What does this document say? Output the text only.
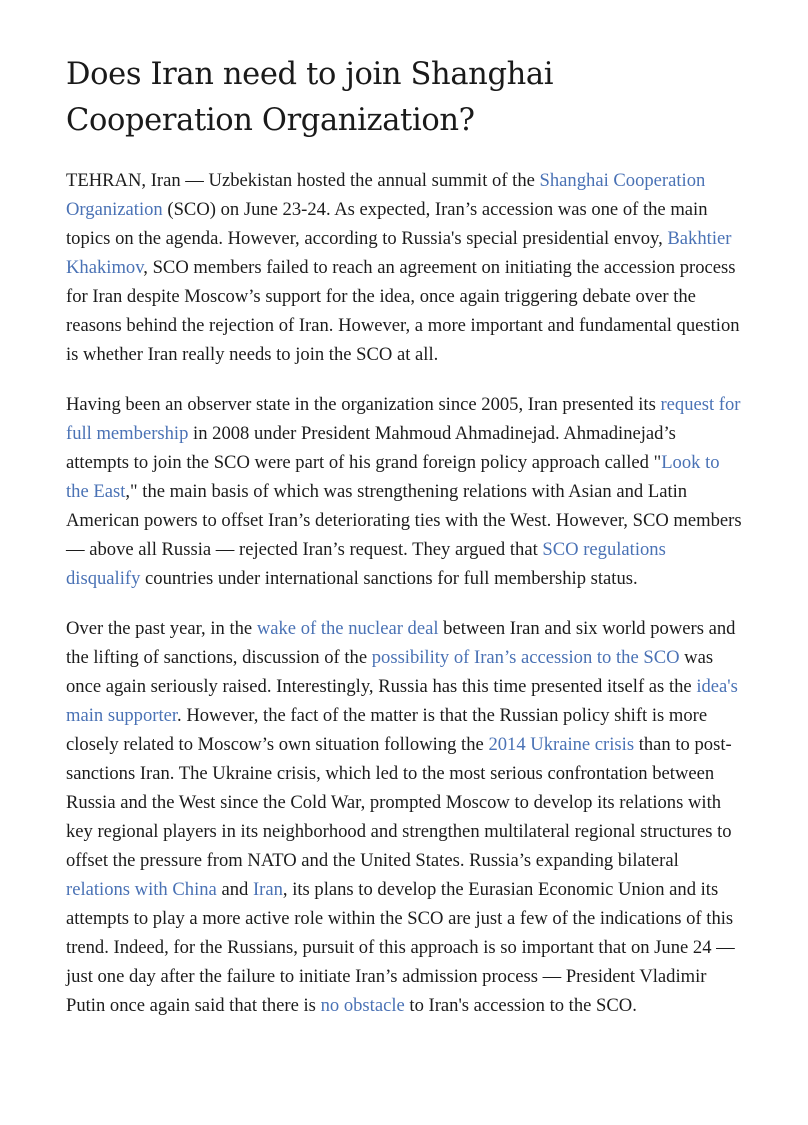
Does Iran need to join Shanghai Cooperation Organization?

TEHRAN, Iran — Uzbekistan hosted the annual summit of the Shanghai Cooperation Organization (SCO) on June 23-24. As expected, Iran’s accession was one of the main topics on the agenda. However, according to Russia's special presidential envoy, Bakhtier Khakimov, SCO members failed to reach an agreement on initiating the accession process for Iran despite Moscow’s support for the idea, once again triggering debate over the reasons behind the rejection of Iran. However, a more important and fundamental question is whether Iran really needs to join the SCO at all.

Having been an observer state in the organization since 2005, Iran presented its request for full membership in 2008 under President Mahmoud Ahmadinejad. Ahmadinejad’s attempts to join the SCO were part of his grand foreign policy approach called "Look to the East," the main basis of which was strengthening relations with Asian and Latin American powers to offset Iran’s deteriorating ties with the West. However, SCO members — above all Russia — rejected Iran’s request. They argued that SCO regulations disqualify countries under international sanctions for full membership status.

Over the past year, in the wake of the nuclear deal between Iran and six world powers and the lifting of sanctions, discussion of the possibility of Iran’s accession to the SCO was once again seriously raised. Interestingly, Russia has this time presented itself as the idea's main supporter. However, the fact of the matter is that the Russian policy shift is more closely related to Moscow’s own situation following the 2014 Ukraine crisis than to post-sanctions Iran. The Ukraine crisis, which led to the most serious confrontation between Russia and the West since the Cold War, prompted Moscow to develop its relations with key regional players in its neighborhood and strengthen multilateral regional structures to offset the pressure from NATO and the United States. Russia’s expanding bilateral relations with China and Iran, its plans to develop the Eurasian Economic Union and its attempts to play a more active role within the SCO are just a few of the indications of this trend. Indeed, for the Russians, pursuit of this approach is so important that on June 24 — just one day after the failure to initiate Iran’s admission process — President Vladimir Putin once again said that there is no obstacle to Iran's accession to the SCO.
